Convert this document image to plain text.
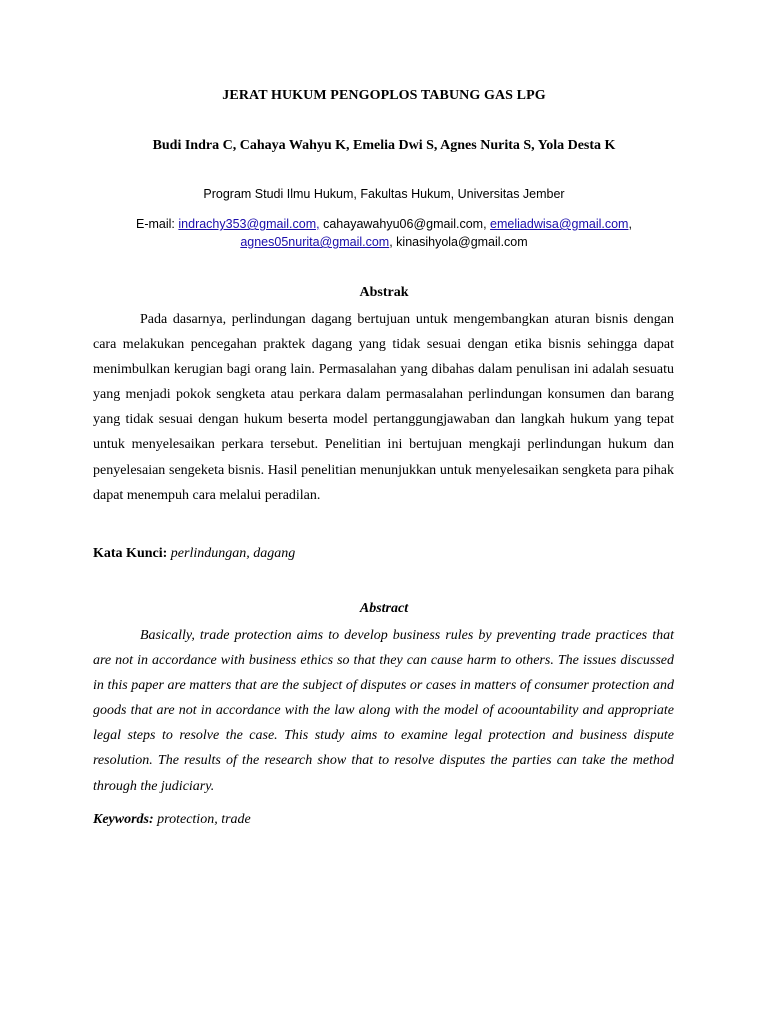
JERAT HUKUM PENGOPLOS TABUNG GAS LPG
Budi Indra C, Cahaya Wahyu K, Emelia Dwi S, Agnes Nurita S, Yola Desta K
Program Studi Ilmu Hukum, Fakultas Hukum, Universitas Jember
E-mail: indrachy353@gmail.com, cahayawahyu06@gmail.com, emeliadwisa@gmail.com,
agnes05nurita@gmail.com, kinasihyola@gmail.com
Abstrak

Pada dasarnya, perlindungan dagang bertujuan untuk mengembangkan aturan bisnis dengan cara melakukan pencegahan praktek dagang yang tidak sesuai dengan etika bisnis sehingga dapat menimbulkan kerugian bagi orang lain. Permasalahan yang dibahas dalam penulisan ini adalah sesuatu yang menjadi pokok sengketa atau perkara dalam permasalahan perlindungan konsumen dan barang yang tidak sesuai dengan hukum beserta model pertanggungjawaban dan langkah hukum yang tepat untuk menyelesaikan perkara tersebut. Penelitian ini bertujuan mengkaji perlindungan hukum dan penyelesaian sengeketa bisnis. Hasil penelitian menunjukkan untuk menyelesaikan sengketa para pihak dapat menempuh cara melalui peradilan.

Kata Kunci: perlindungan, dagang

Abstract

Basically, trade protection aims to develop business rules by preventing trade practices that are not in accordance with business ethics so that they can cause harm to others. The issues discussed in this paper are matters that are the subject of disputes or cases in matters of consumer protection and goods that are not in accordance with the law along with the model of acoountability and appropriate legal steps to resolve the case. This study aims to examine legal protection and business dispute resolution. The results of the research show that to resolve disputes the parties can take the method through the judiciary.

Keywords: protection, trade
